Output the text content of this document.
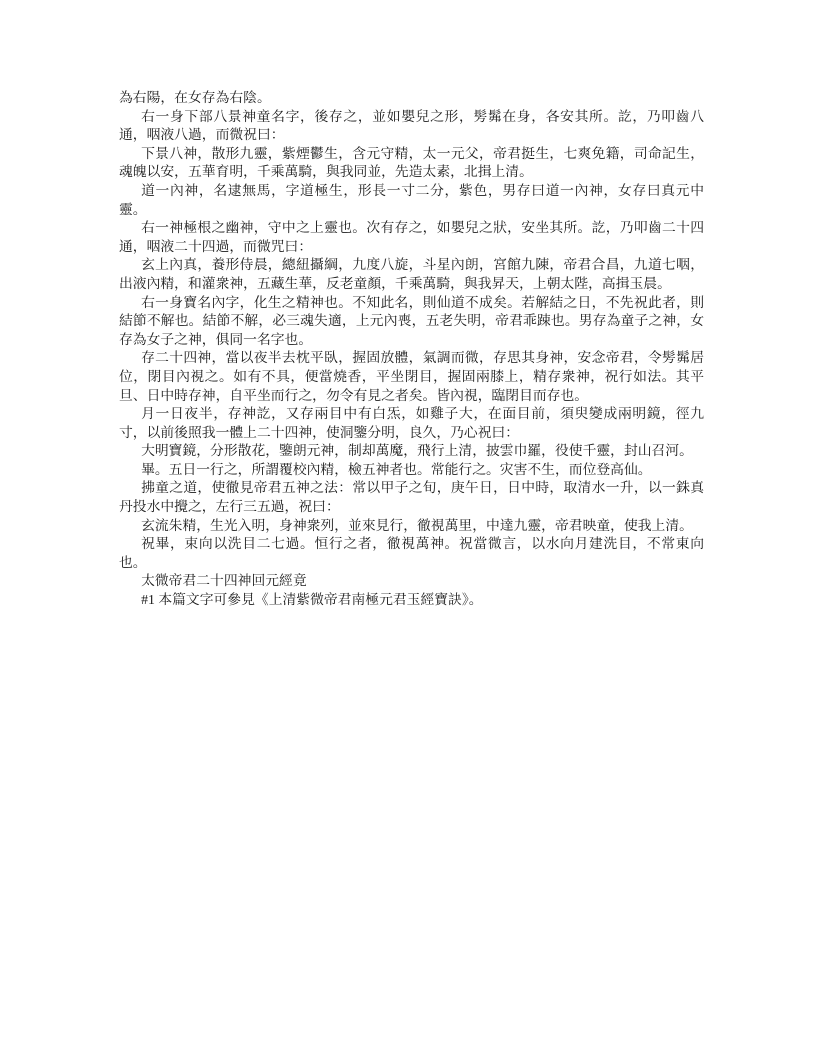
為右陽，在女存為右陰。

右一身下部八景神童名字，後存之，並如嬰兒之形，髣髴在身，各安其所。訖，乃叩齒八通，咽液八過，而微祝曰：

下景八神，散形九靈，紫煙鬱生，含元守精，太一元父，帝君挺生，七爽免籍，司命記生，魂魄以安，五華育明，千乘萬騎，與我同並，先造太素，北揖上清。

道一內神，名逮無馬，字道極生，形長一寸二分，紫色，男存曰道一內神，女存曰真元中靈。

右一神極根之幽神，守中之上靈也。次有存之，如嬰兒之狀，安坐其所。訖，乃叩齒二十四通，咽液二十四過，而微咒曰：

玄上內真，養形侍晨，總紐攝綱，九度八旋，斗星內朗，宮館九陳，帝君合昌，九道七咽，出液內精，和灌衆神，五藏生華，反老童顏，千乘萬騎，與我昇天，上朝太陛，高揖玉晨。

右一身寶名內字，化生之精神也。不知此名，則仙道不成矣。若解結之日，不先祝此者，則結節不解也。結節不解，必三魂失適，上元內喪，五老失明，帝君乖踈也。男存為童子之神，女存為女子之神，俱同一名字也。

存二十四神，當以夜半去枕平臥，握固放體，氣調而微，存思其身神，安念帝君，令髣髴居位，閉目內視之。如有不具，便當燒香，平坐閉目，握固兩膝上，精存衆神，祝行如法。其平旦、日中時存神，自平坐而行之，勿令有見之者矣。皆內視，臨閉目而存也。

月一日夜半，存神訖，又存兩目中有白炁，如雞子大，在面目前，須臾變成兩明鏡，徑九寸，以前後照我一體上二十四神，使洞鑒分明，良久，乃心祝曰：

大明寶鏡，分形散花，鑒朗元神，制却萬魔，飛行上清，披雲巾羅，役使千靈，封山召河。

畢。五日一行之，所謂覆校內精，檢五神者也。常能行之。灾害不生，而位登高仙。

拂童之道，使徹見帝君五神之法：常以甲子之旬，庚午日，日中時，取清水一升，以一銖真丹投水中攪之，左行三五過，祝曰：

玄流朱精，生光入明，身神衆列，並來見行，徹視萬里，中達九靈，帝君映童，使我上清。

祝畢，束向以洗目二七過。恒行之者，徹視萬神。祝當微言，以水向月建洗目，不常東向也。

太微帝君二十四神回元經竟

#1 本篇文字可參見《上清紫微帝君南極元君玉經寶訣》。
